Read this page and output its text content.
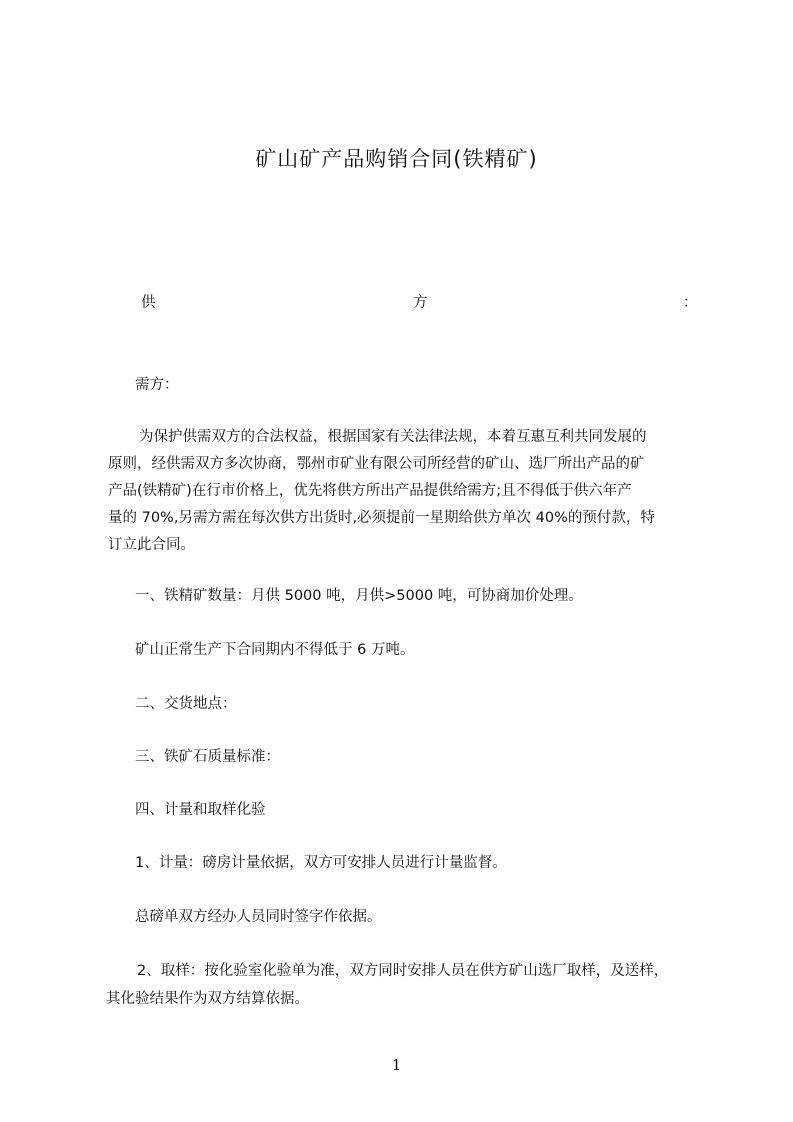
矿山矿产品购销合同(铁精矿)
供	方	：
需方：
为保护供需双方的合法权益，根据国家有关法律法规，本着互惠互利共同发展的
原则，经供需双方多次协商，鄂州市矿业有限公司所经营的矿山、选厂所出产品的矿
产品(铁精矿)在行市价格上，优先将供方所出产品提供给需方;且不得低于供六年产
量的 70%,另需方需在每次供方出货时,必须提前一星期给供方单次 40%的预付款，特
订立此合同。
一、铁精矿数量：月供 5000 吨，月供>5000 吨，可协商加价处理。
矿山正常生产下合同期内不得低于 6 万吨。
二、交货地点：
三、铁矿石质量标准：
四、计量和取样化验
1、计量：磅房计量依据，双方可安排人员进行计量监督。
总磅单双方经办人员同时签字作依据。
2、取样：按化验室化验单为准，双方同时安排人员在供方矿山选厂取样，及送样，
其化验结果作为双方结算依据。
1
